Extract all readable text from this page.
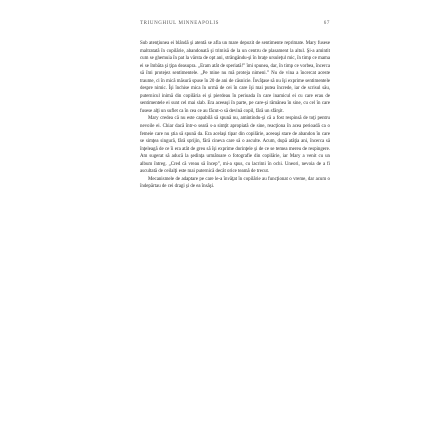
TRIUNGHIUL MINNEAPOLIS	67

Sub atenţiunea ei blândă şi atentă se afla un mare depozit de sentimente reprimate. Mary fusese maltratată în copilărie, abandonată şi trimisă de la un centru de plasament la altul. Şi-a amintit cum se ghemuia în pat la vârsta de opt ani, strângându-şi în braţe ursuleţul mic, în timp ce mama ei se îmbăta şi ţipa deasupra. „Eram atât de speriată!” îmi spunea, dar, în timp ce vorbea, încerca să îmi protejez sentimentele. „Pe mine nu mă proteja nimeni.” Nu de vina a încercat aceste traume, ci în mică măsură spuse în 20 de ani de căsnicie. Învăţase să nu îşi exprime sentimentele despre nimic. Îşi închise mica în urmă de cei în care îşi mai putea încrede, iar de scrisul său, puternicul inimă din copilăria ei şi pierdeau în perioada în care inamicul ei cu care erau de sentimentele ei sunt cel mai slab. Era aceeaşi în parte, pe care-şi rămânea în sine, cu cel în care fusese alţi un suflet ca în cea ce au făcut-o să devină copil, fără un sfârşit.

Mary credea că nu este capabilă să spună nu, amintindu-şi că a fost respinsă de toţi pentru nevoile ei. Chiar dacă într-o seară s-a simţit apropiată de sine, reacţiona în acea perioadă ca o femeie care nu ştia să spună da. Era acelaşi tipar din copilărie, aceeaşi stare de abandon în care se simţea singură, fără sprijin, fără cineva care să o asculte. Acum, după atâţia ani, încerca să înţeleagă de ce îi era atât de greu să îşi exprime dorinţele şi de ce se temea mereu de respingere. Am sugerat să aducă la şedinţa următoare o fotografie din copilărie, iar Mary a venit cu un album întreg. „Cred că vreau să încep”, mi-a spus, cu lacrimi în ochi. Uneori, nevoia de a fi ascultată de ceilalţi este mai puternică decât orice teamă de trecut.

Mecanismele de adaptare pe care le-a învăţat în copilărie au funcţionat o vreme, dar acum o îndepărtau de cei dragi şi de ea însăşi.
